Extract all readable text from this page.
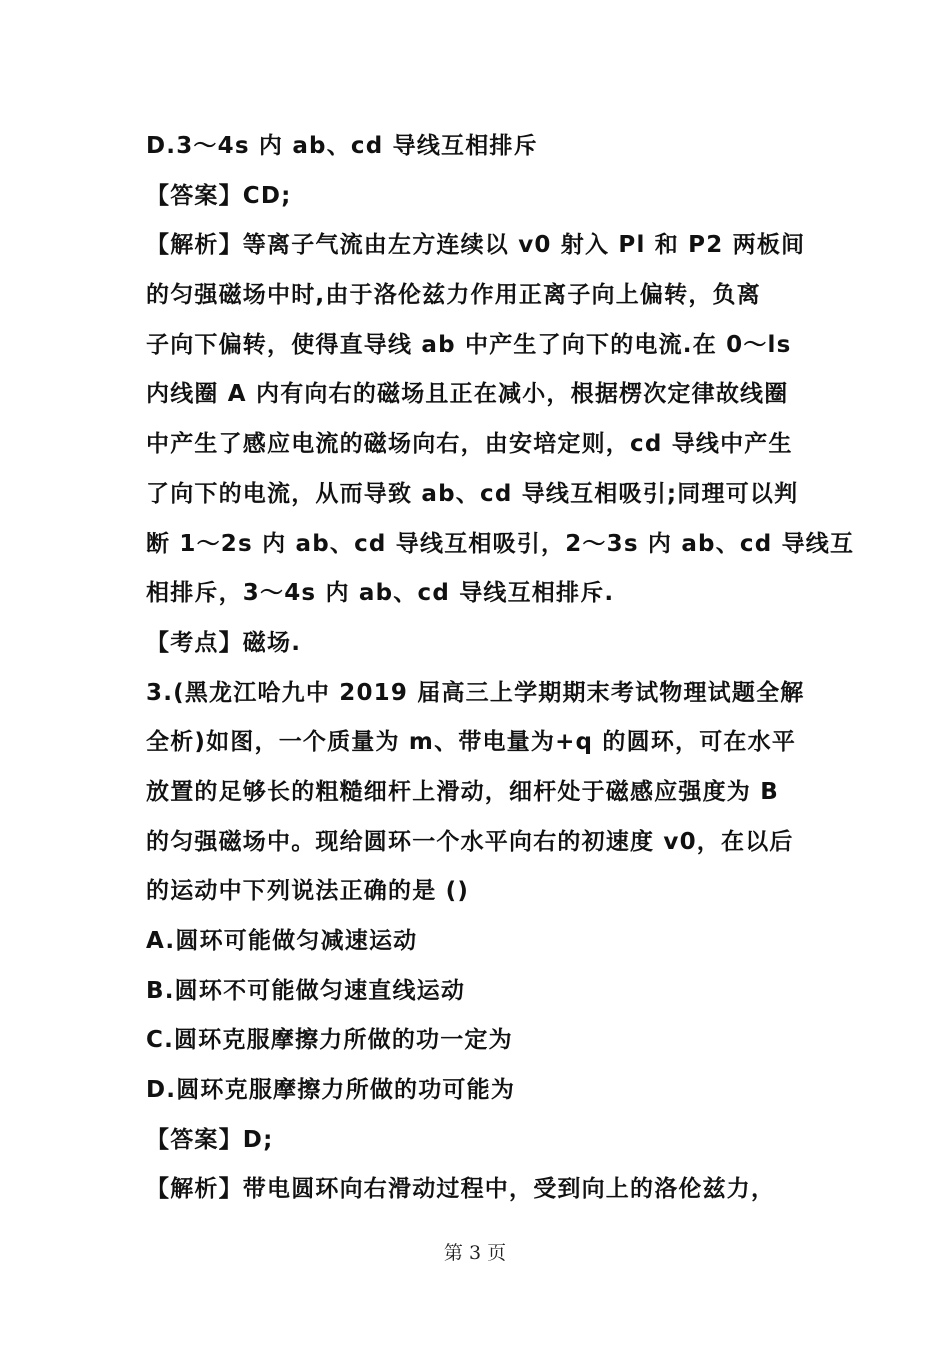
D.3～4s 内 ab、cd 导线互相排斥
【答案】CD;
【解析】等离子气流由左方连续以 v0 射入 Pl 和 P2 两板间
的匀强磁场中时,由于洛伦兹力作用正离子向上偏转，负离
子向下偏转，使得直导线 ab 中产生了向下的电流.在 0～ls
内线圈 A 内有向右的磁场且正在减小，根据楞次定律故线圈
中产生了感应电流的磁场向右，由安培定则，cd 导线中产生
了向下的电流，从而导致 ab、cd 导线互相吸引;同理可以判
断 1～2s 内 ab、cd 导线互相吸引，2～3s 内 ab、cd 导线互
相排斥，3～4s 内 ab、cd 导线互相排斥.
【考点】磁场.
3.(黑龙江哈九中 2019 届高三上学期期末考试物理试题全解
全析)如图，一个质量为 m、带电量为+q 的圆环，可在水平
放置的足够长的粗糙细杆上滑动，细杆处于磁感应强度为 B
的匀强磁场中。现给圆环一个水平向右的初速度 v0，在以后
的运动中下列说法正确的是 ()
A.圆环可能做匀减速运动
B.圆环不可能做匀速直线运动
C.圆环克服摩擦力所做的功一定为
D.圆环克服摩擦力所做的功可能为
【答案】D;
【解析】带电圆环向右滑动过程中，受到向上的洛伦兹力，
第 3 页
